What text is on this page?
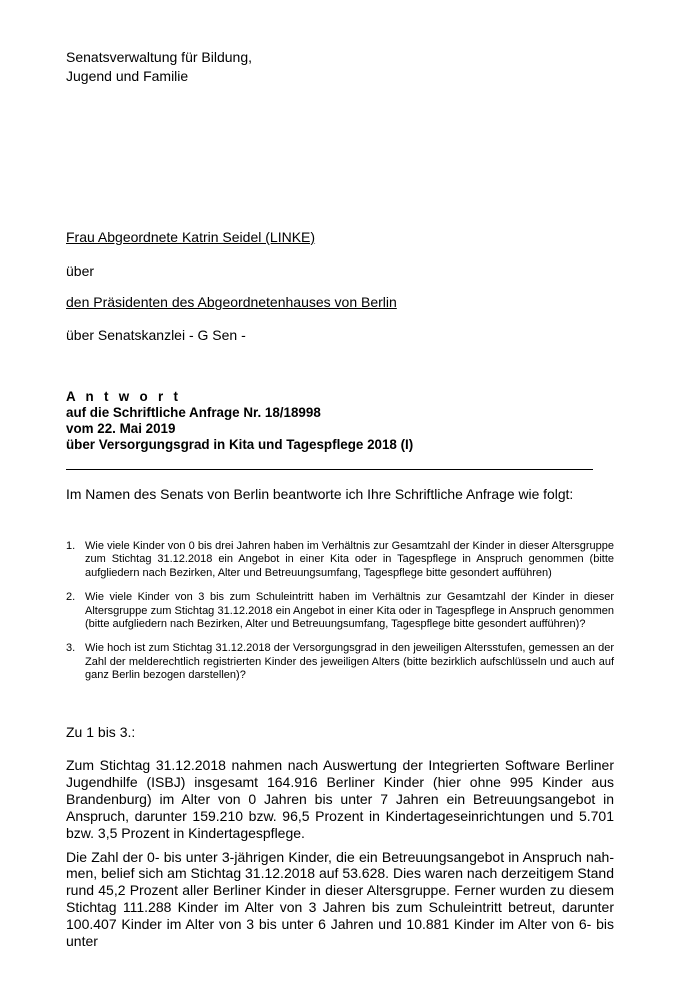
Senatsverwaltung für Bildung,
Jugend und Familie
Frau Abgeordnete Katrin Seidel (LINKE)
über
den Präsidenten des Abgeordnetenhauses von Berlin
über Senatskanzlei - G Sen -
A n t w o r t
auf die Schriftliche Anfrage Nr. 18/18998
vom 22. Mai 2019
über Versorgungsgrad in Kita und Tagespflege 2018 (I)
Im Namen des Senats von Berlin beantworte ich Ihre Schriftliche Anfrage wie folgt:
1. Wie viele Kinder von 0 bis drei Jahren haben im Verhältnis zur Gesamtzahl der Kinder in dieser Altersgruppe zum Stichtag 31.12.2018 ein Angebot in einer Kita oder in Tagespflege in Anspruch genommen (bitte aufgliedern nach Bezirken, Alter und Betreuungsumfang, Tagespflege bitte gesondert aufführen)
2. Wie viele Kinder von 3 bis zum Schuleintritt haben im Verhältnis zur Gesamtzahl der Kinder in dieser Altersgruppe zum Stichtag 31.12.2018 ein Angebot in einer Kita oder in Tagespflege in Anspruch genommen (bitte aufgliedern nach Bezirken, Alter und Betreuungsumfang, Tagespflege bitte gesondert aufführen)?
3. Wie hoch ist zum Stichtag 31.12.2018 der Versorgungsgrad in den jeweiligen Altersstufen, gemessen an der Zahl der melderechtlich registrierten Kinder des jeweiligen Alters (bitte bezirklich aufschlüsseln und auch auf ganz Berlin bezogen darstellen)?
Zu 1 bis 3.:

Zum Stichtag 31.12.2018 nahmen nach Auswertung der Integrierten Software Berliner Jugendhilfe (ISBJ) insgesamt 164.916 Berliner Kinder (hier ohne 995 Kinder aus Brandenburg) im Alter von 0 Jahren bis unter 7 Jahren ein Betreuungsangebot in Anspruch, darunter 159.210 bzw. 96,5 Prozent in Kindertageseinrichtungen und 5.701 bzw. 3,5 Prozent in Kindertagespflege.

Die Zahl der 0- bis unter 3-jährigen Kinder, die ein Betreuungsangebot in Anspruch nahmen, belief sich am Stichtag 31.12.2018 auf 53.628. Dies waren nach derzeitigem Stand rund 45,2 Prozent aller Berliner Kinder in dieser Altersgruppe. Ferner wurden zu diesem Stichtag 111.288 Kinder im Alter von 3 Jahren bis zum Schuleintritt betreut, darunter 100.407 Kinder im Alter von 3 bis unter 6 Jahren und 10.881 Kinder im Alter von 6- bis unter
